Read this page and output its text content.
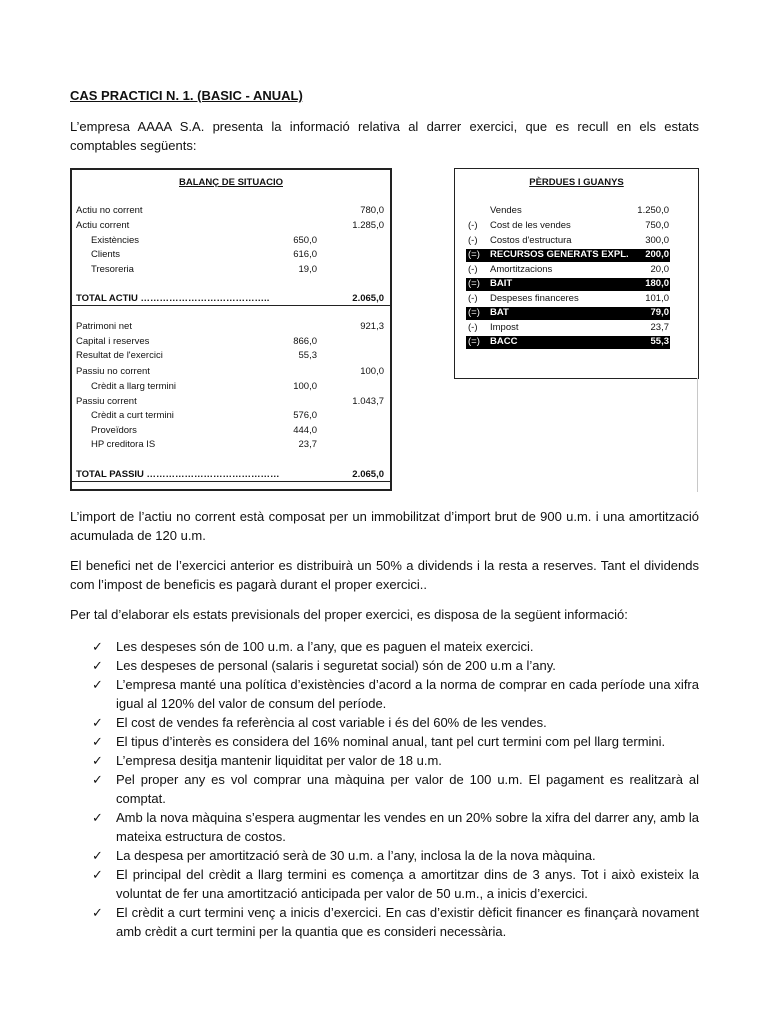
CAS PRACTICI N. 1. (BASIC - ANUAL)
L’empresa AAAA S.A. presenta la informació relativa al darrer exercici, que es recull en els estats comptables següents:
BALANÇ DE SITUACIO
Actiu no corrent	780,0
Actiu corrent	1.285,0
Existències	650,0
Clients	616,0
Tresoreria	19,0
TOTAL ACTIU …………………………………..	2.065,0
Patrimoni net	921,3
Capital i reserves	866,0
Resultat de l'exercici	55,3
Passiu no corrent	100,0
Crèdit a llarg termini	100,0
Passiu corrent	1.043,7
Crèdit a curt termini	576,0
Proveïdors	444,0
HP creditora IS	23,7
TOTAL PASSIU ……………………………………	2.065,0
PÈRDUES I GUANYS
Vendes	1.250,0
(-) Cost de les vendes	750,0
(-) Costos d'estructura	300,0
(=) RECURSOS GENERATS EXPL.	200,0
(-) Amortitzacions	20,0
(=) BAIT	180,0
(-) Despeses financeres	101,0
(=) BAT	79,0
(-) Impost	23,7
(=) BACC	55,3
L’import de l’actiu no corrent està composat per un immobilitzat d’import brut de 900 u.m. i una amortització acumulada de 120 u.m.
El benefici net de l’exercici anterior es distribuirà un 50% a dividends i la resta a reserves. Tant el dividends com l’impost de beneficis es pagarà durant el proper exercici..
Per tal d’elaborar els estats previsionals del proper exercici, es disposa de la següent informació:
✓ Les despeses són de 100 u.m. a l’any, que es paguen el mateix exercici.
✓ Les despeses de personal (salaris i seguretat social) són de 200 u.m a l’any.
✓ L’empresa manté una política d’existències d’acord a la norma de comprar en cada període una xifra igual al 120% del valor de consum del període.
✓ El cost de vendes fa referència al cost variable i és del 60% de les vendes.
✓ El tipus d’interès es considera del 16% nominal anual, tant pel curt termini com pel llarg termini.
✓ L’empresa desitja mantenir liquiditat per valor de 18 u.m.
✓ Pel proper any es vol comprar una màquina per valor de 100 u.m. El pagament es realitzarà al comptat.
✓ Amb la nova màquina s’espera augmentar les vendes en un 20% sobre la xifra del darrer any, amb la mateixa estructura de costos.
✓ La despesa per amortització serà de 30 u.m. a l’any, inclosa la de la nova màquina.
✓ El principal del crèdit a llarg termini es comença a amortitzar dins de 3 anys. Tot i això existeix la voluntat de fer una amortització anticipada per valor de 50 u.m., a inicis d’exercici.
✓ El crèdit a curt termini venç a inicis d’exercici. En cas d’existir dèficit financer es finançarà novament amb crèdit a curt termini per la quantia que es consideri necessària.
